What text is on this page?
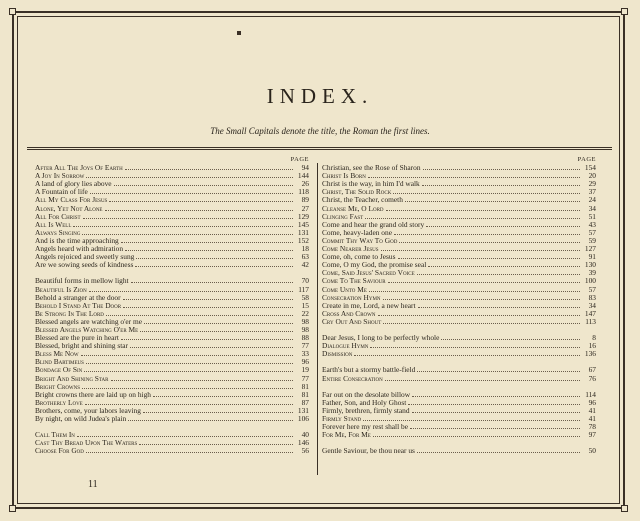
INDEX.
The Small Capitals denote the title, the Roman the first lines.
PAGE
After All The Joys Of Earth	94
A Joy In Sorrow	144
A land of glory lies above	26
A Fountain of life	118
All My Class For Jesus	89
Alone, Yet Not Alone	27
All For Christ	129
All Is Well	145
Always Singing	131
And is the time approaching	152
Angels heard with admiration	18
Angels rejoiced and sweetly sung	63
Are we sowing seeds of kindness	42
Beautiful forms in mellow light	70
Beautiful Is Zion	117
Behold a stranger at the door	58
Behold I Stand At The Door	15
Be Strong In The Lord	22
Blessed angels are watching o'er me	98
Blessed Angels Watching O'er Me	98
Blessed are the pure in heart	88
Blessed, bright and shining star	77
Bless Me Now	33
Blind Bartimeus	96
Bondage Of Sin	19
Bright And Shining Star	77
Bright Crowns	81
Bright crowns there are laid up on high	81
Brotherly Love	87
Brothers, come, your labors leaving	131
By night, on wild Judea's plain	106
Call Them In	40
Cast Thy Bread Upon The Waters	146
Choose For God	56
PAGE
Christian, see the Rose of Sharon	154
Christ Is Born	20
Christ is the way, in him I'd walk	29
Christ, The Solid Rock	37
Christ, the Teacher, cometh	24
Cleanse Me, O Lord	34
Clinging Fast	51
Come and hear the grand old story	43
Come, heavy-laden one	57
Commit Thy Way To God	59
Come Nearer Jesus	127
Come, oh, come to Jesus	91
Come, O my God, the promise seal	130
Come, Said Jesus' Sacred Voice	39
Come To The Saviour	100
Come Unto Me	57
Consecration Hymn	83
Create in me, Lord, a new heart	34
Cross And Crown	147
Cry Out And Shout	113
Dear Jesus, I long to be perfectly whole	8
Dialogue Hymn	16
Dismission	136
Earth's but a stormy battle-field	67
Entire Consecration	76
Far out on the desolate billow	114
Father, Son, and Holy Ghost	96
Firmly, brethren, firmly stand	41
Firmly Stand	41
Forever here my rest shall be	78
For Me, For Me	97
Gentle Saviour, be thou near us	50
11
